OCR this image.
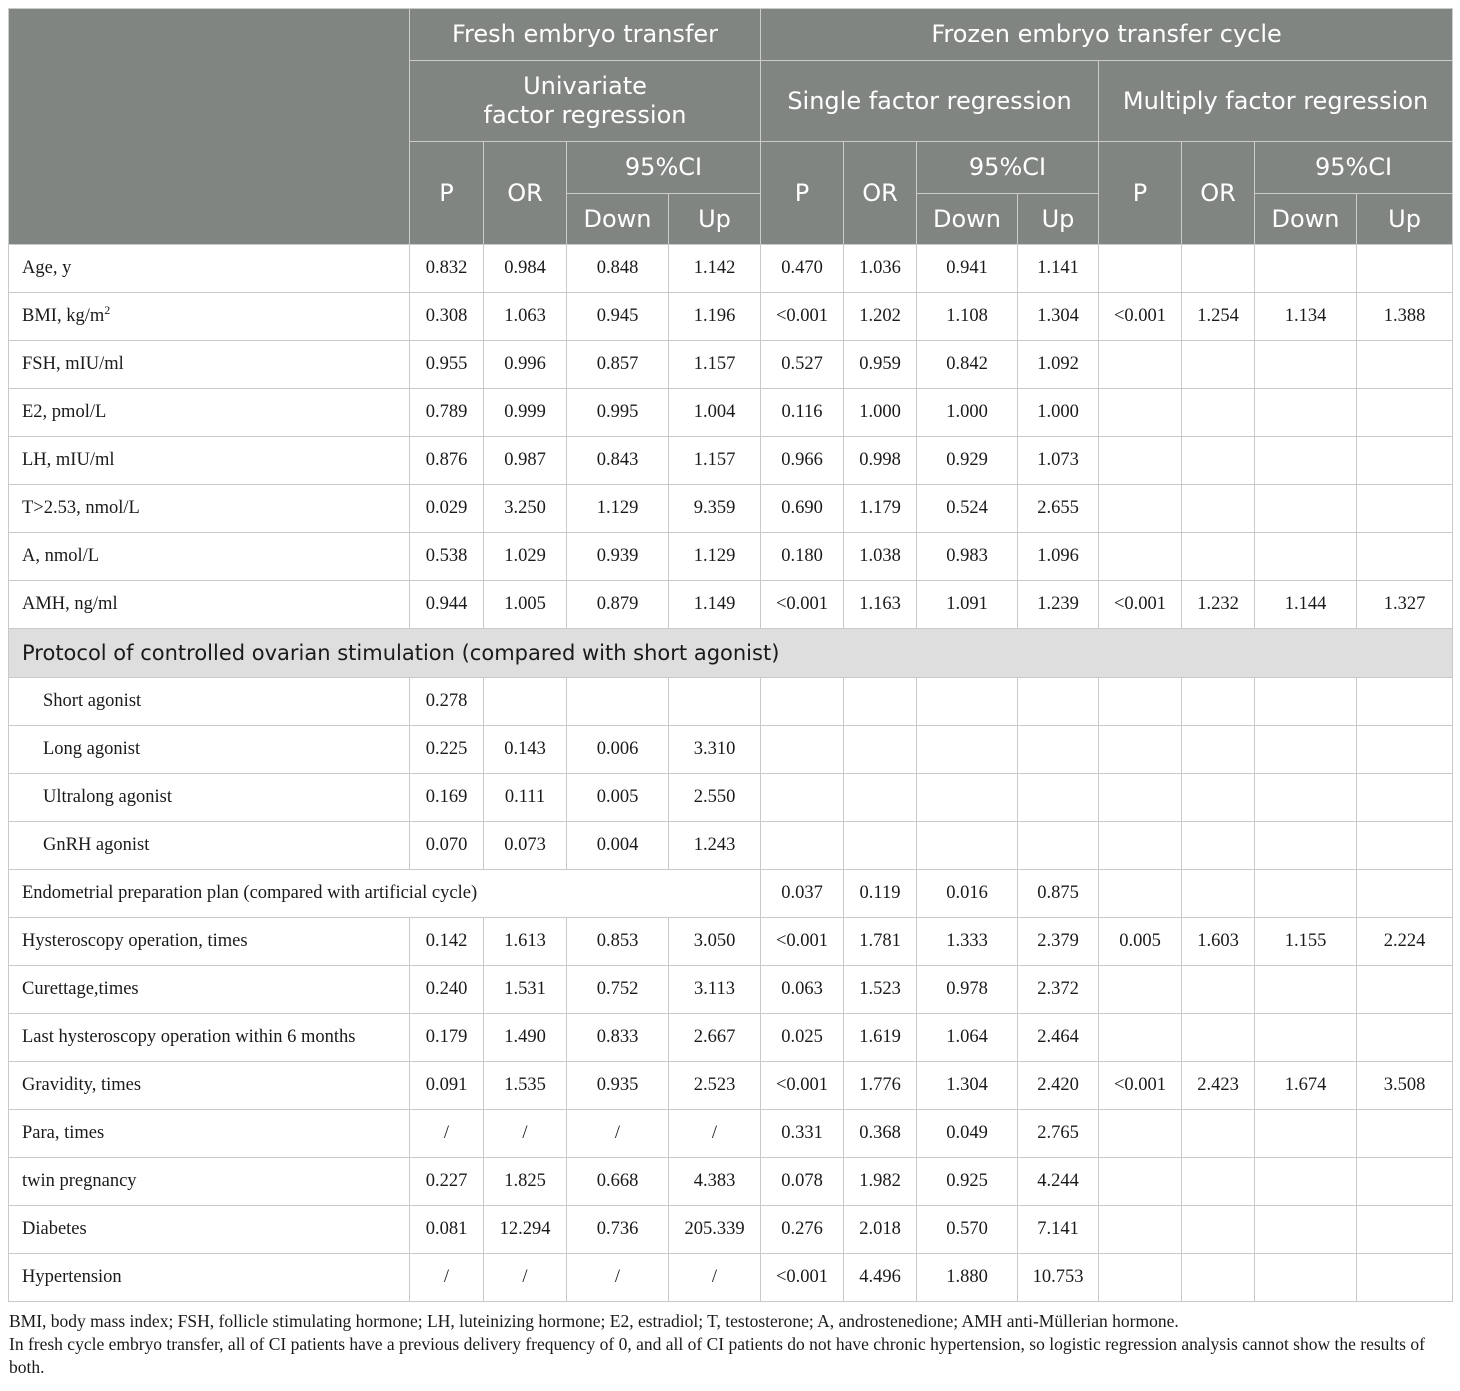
	Fresh embryo transfer				Frozen embryo transfer cycle							
	Univariate
factor regression				Single factor regression				Multiply factor regression			
	P	OR	95%CI		P	OR	95%CI		P	OR	95%CI	
			Down	Up			Down	Up			Down	Up
Age, y	0.832	0.984	0.848	1.142	0.470	1.036	0.941	1.141				
BMI, $kg/m^2$	0.308	1.063	0.945	1.196	<0.001	1.202	1.108	1.304	<0.001	1.254	1.134	1.388
FSH, mIU/ml	0.955	0.996	0.857	1.157	0.527	0.959	0.842	1.092				
E2, pmol/L	0.789	0.999	0.995	1.004	0.116	1.000	1.000	1.000				
LH, mIU/ml	0.876	0.987	0.843	1.157	0.966	0.998	0.929	1.073				
T>2.53, nmol/L	0.029	3.250	1.129	9.359	0.690	1.179	0.524	2.655				
A, nmol/L	0.538	1.029	0.939	1.129	0.180	1.038	0.983	1.096				
AMH, ng/ml	0.944	1.005	0.879	1.149	<0.001	1.163	1.091	1.239	<0.001	1.232	1.144	1.327
Protocol of controlled ovarian stimulation (compared with short agonist)												
Short agonist	0.278											
Long agonist	0.225	0.143	0.006	3.310								
Ultralong agonist	0.169	0.111	0.005	2.550								
GnRH agonist	0.070	0.073	0.004	1.243								
Endometrial preparation plan (compared with artificial cycle)					0.037	0.119	0.016	0.875				
Hysteroscopy operation, times	0.142	1.613	0.853	3.050	<0.001	1.781	1.333	2.379	0.005	1.603	1.155	2.224
Curettage,times	0.240	1.531	0.752	3.113	0.063	1.523	0.978	2.372				
Last hysteroscopy operation within 6 months	0.179	1.490	0.833	2.667	0.025	1.619	1.064	2.464				
Gravidity, times	0.091	1.535	0.935	2.523	<0.001	1.776	1.304	2.420	<0.001	2.423	1.674	3.508
Para, times	/	/	/	/	0.331	0.368	0.049	2.765				
twin pregnancy	0.227	1.825	0.668	4.383	0.078	1.982	0.925	4.244				
Diabetes	0.081	12.294	0.736	205.339	0.276	2.018	0.570	7.141				
Hypertension	/	/	/	/	<0.001	4.496	1.880	10.753				

BMI, body mass index; FSH, follicle stimulating hormone; LH, luteinizing hormone; E2, estradiol; T, testosterone; A, androstenedione; AMH anti-Müllerian hormone.

In fresh cycle embryo transfer, all of CI patients have a previous delivery frequency of 0, and all of CI patients do not have chronic hypertension, so logistic regression analysis cannot show the results of both.
